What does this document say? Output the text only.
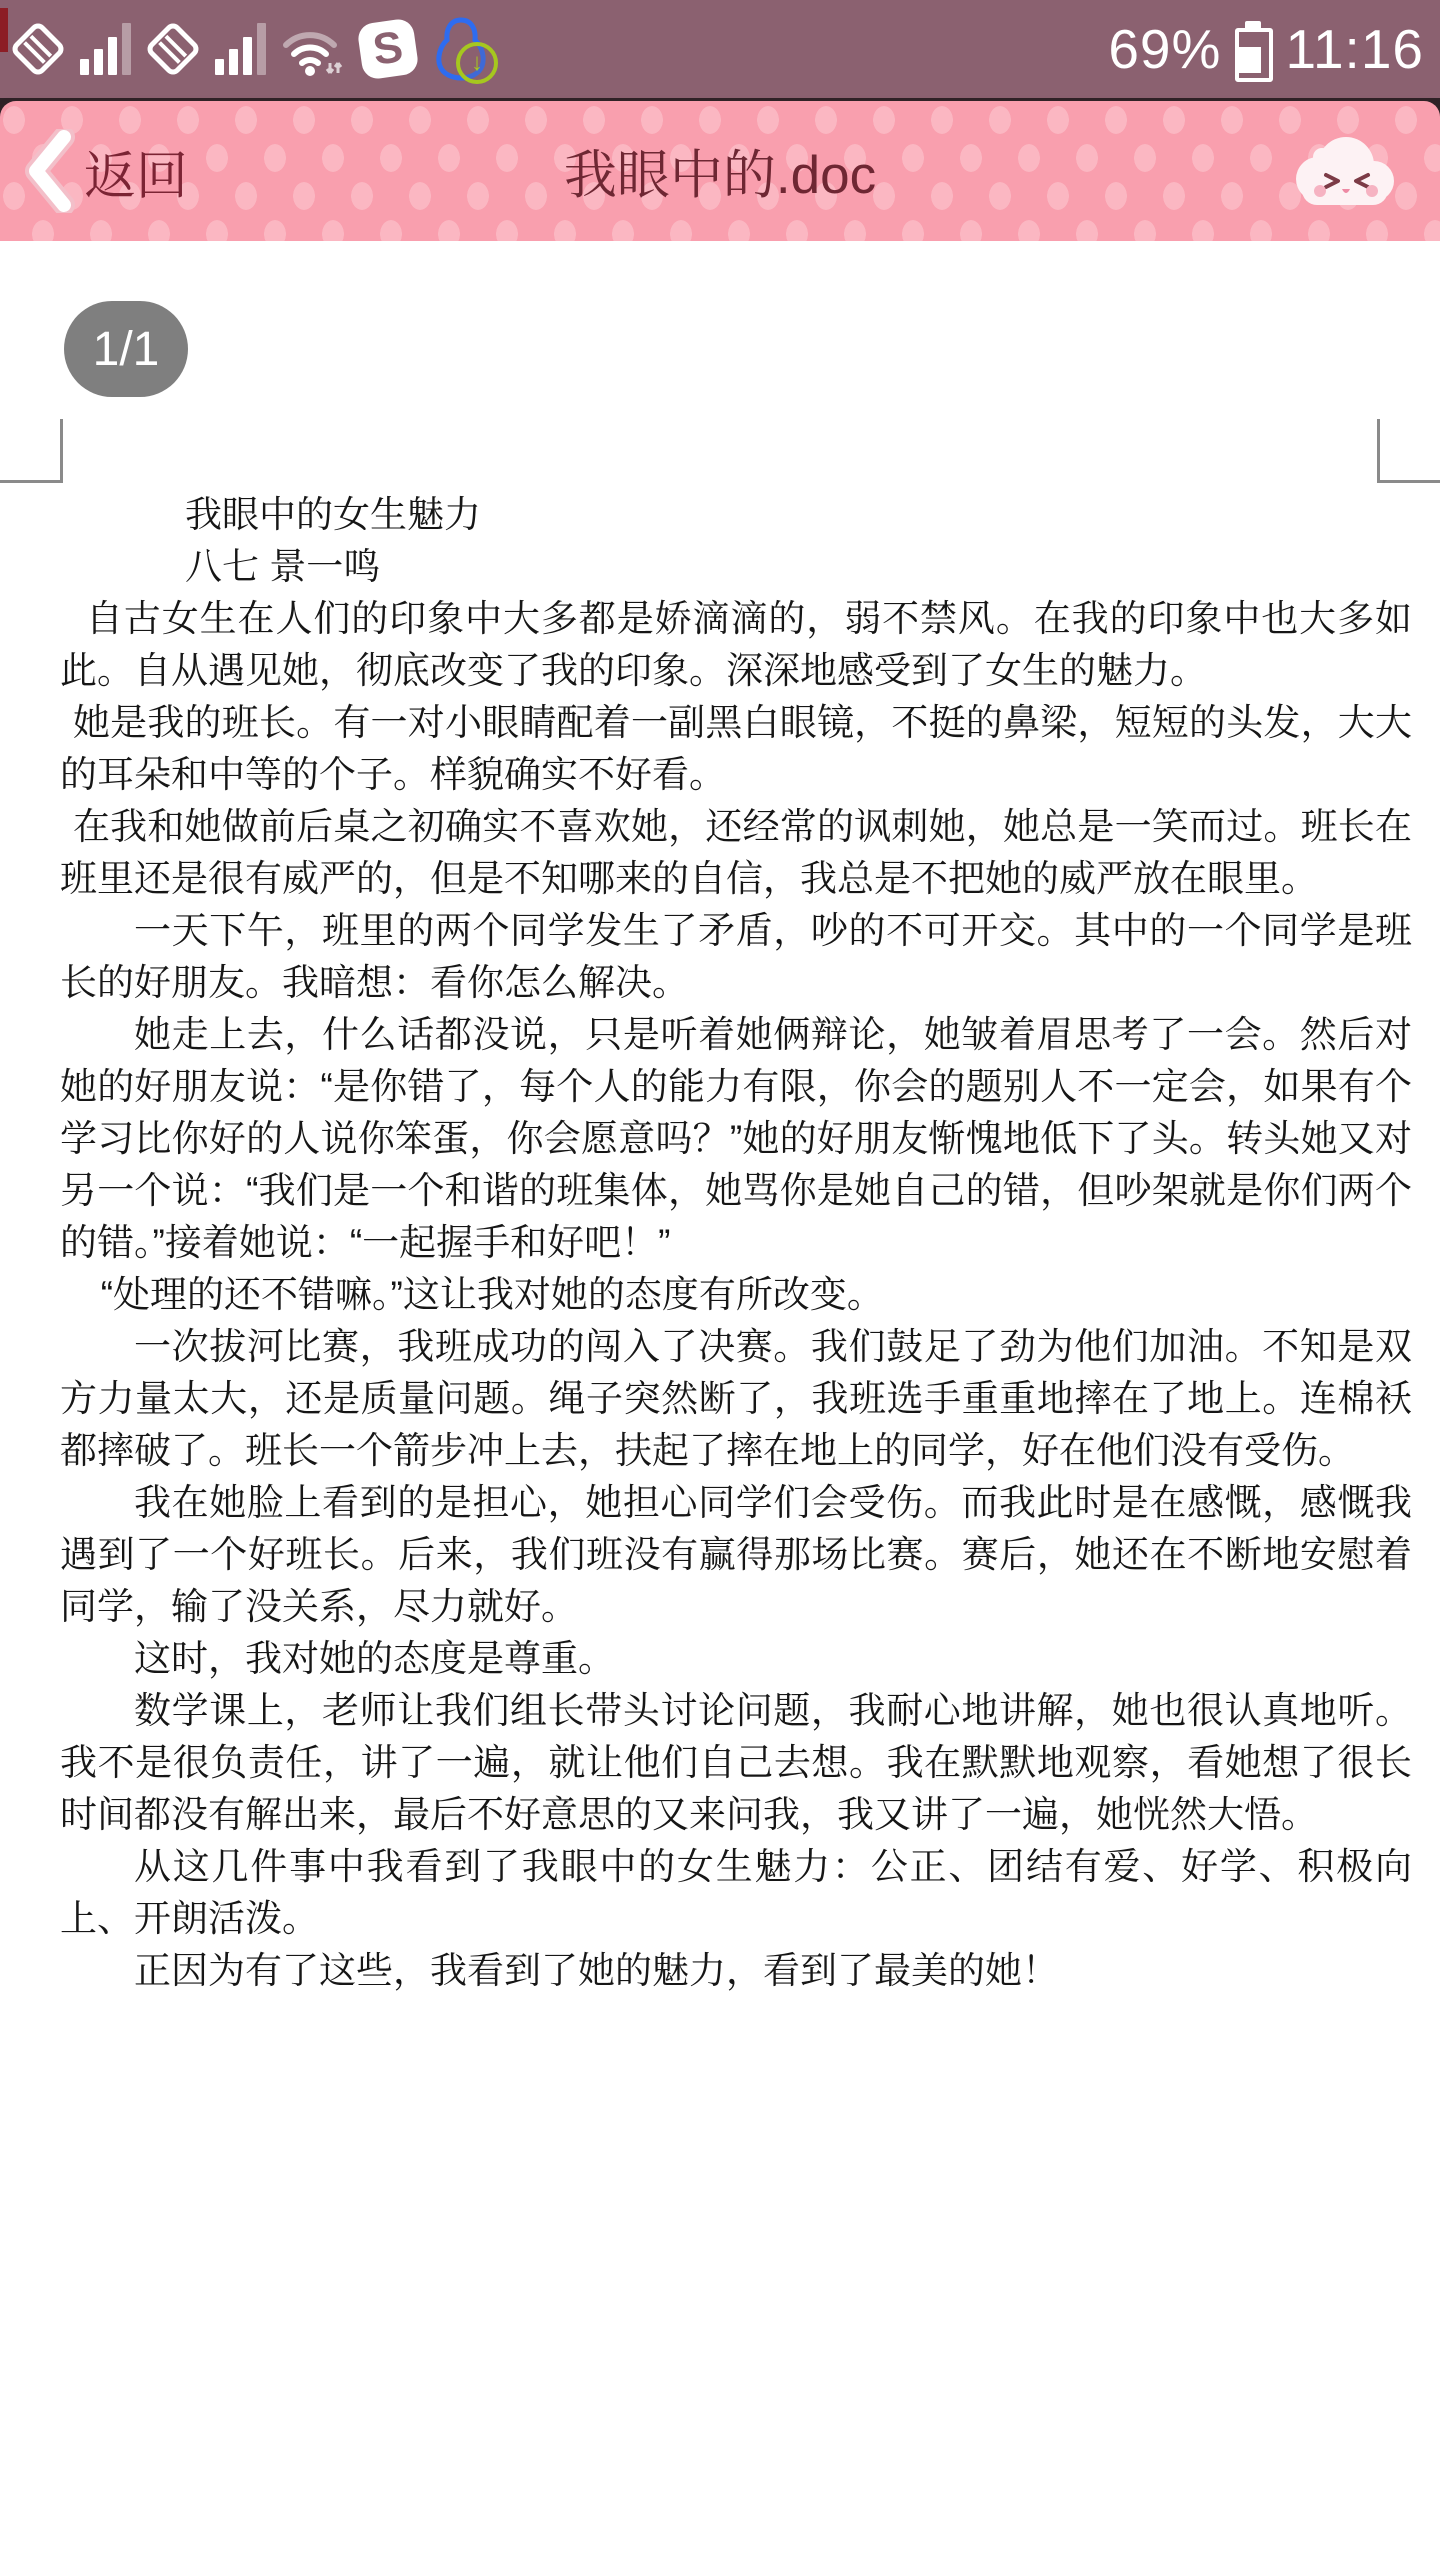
S	↓	69% 11:16
返回	我眼中的.doc
1/1
我眼中的女生魅力
八七 景一鸣

自古女生在人们的印象中大多都是娇滴滴的，弱不禁风。在我的印象中也大多如此。自从遇见她，彻底改变了我的印象。深深地感受到了女生的魅力。

她是我的班长。有一对小眼睛配着一副黑白眼镜，不挺的鼻梁，短短的头发，大大的耳朵和中等的个子。样貌确实不好看。

在我和她做前后桌之初确实不喜欢她，还经常的讽刺她，她总是一笑而过。班长在班里还是很有威严的，但是不知哪来的自信，我总是不把她的威严放在眼里。

一天下午，班里的两个同学发生了矛盾，吵的不可开交。其中的一个同学是班长的好朋友。我暗想：看你怎么解决。

她走上去，什么话都没说，只是听着她俩辩论，她皱着眉思考了一会。然后对她的好朋友说：“是你错了，每个人的能力有限，你会的题别人不一定会，如果有个学习比你好的人说你笨蛋，你会愿意吗？”她的好朋友惭愧地低下了头。转头她又对另一个说：“我们是一个和谐的班集体，她骂你是她自己的错，但吵架就是你们两个的错。”接着她说：“一起握手和好吧！”

“处理的还不错嘛。”这让我对她的态度有所改变。

一次拔河比赛，我班成功的闯入了决赛。我们鼓足了劲为他们加油。不知是双方力量太大，还是质量问题。绳子突然断了，我班选手重重地摔在了地上。连棉袄都摔破了。班长一个箭步冲上去，扶起了摔在地上的同学，好在他们没有受伤。

我在她脸上看到的是担心，她担心同学们会受伤。而我此时是在感慨，感慨我遇到了一个好班长。后来，我们班没有赢得那场比赛。赛后，她还在不断地安慰着同学，输了没关系，尽力就好。

这时，我对她的态度是尊重。

数学课上，老师让我们组长带头讨论问题，我耐心地讲解，她也很认真地听。我不是很负责任，讲了一遍，就让他们自己去想。我在默默地观察，看她想了很长时间都没有解出来，最后不好意思的又来问我，我又讲了一遍，她恍然大悟。

从这几件事中我看到了我眼中的女生魅力：公正、团结有爱、好学、积极向上、开朗活泼。

正因为有了这些，我看到了她的魅力，看到了最美的她！
